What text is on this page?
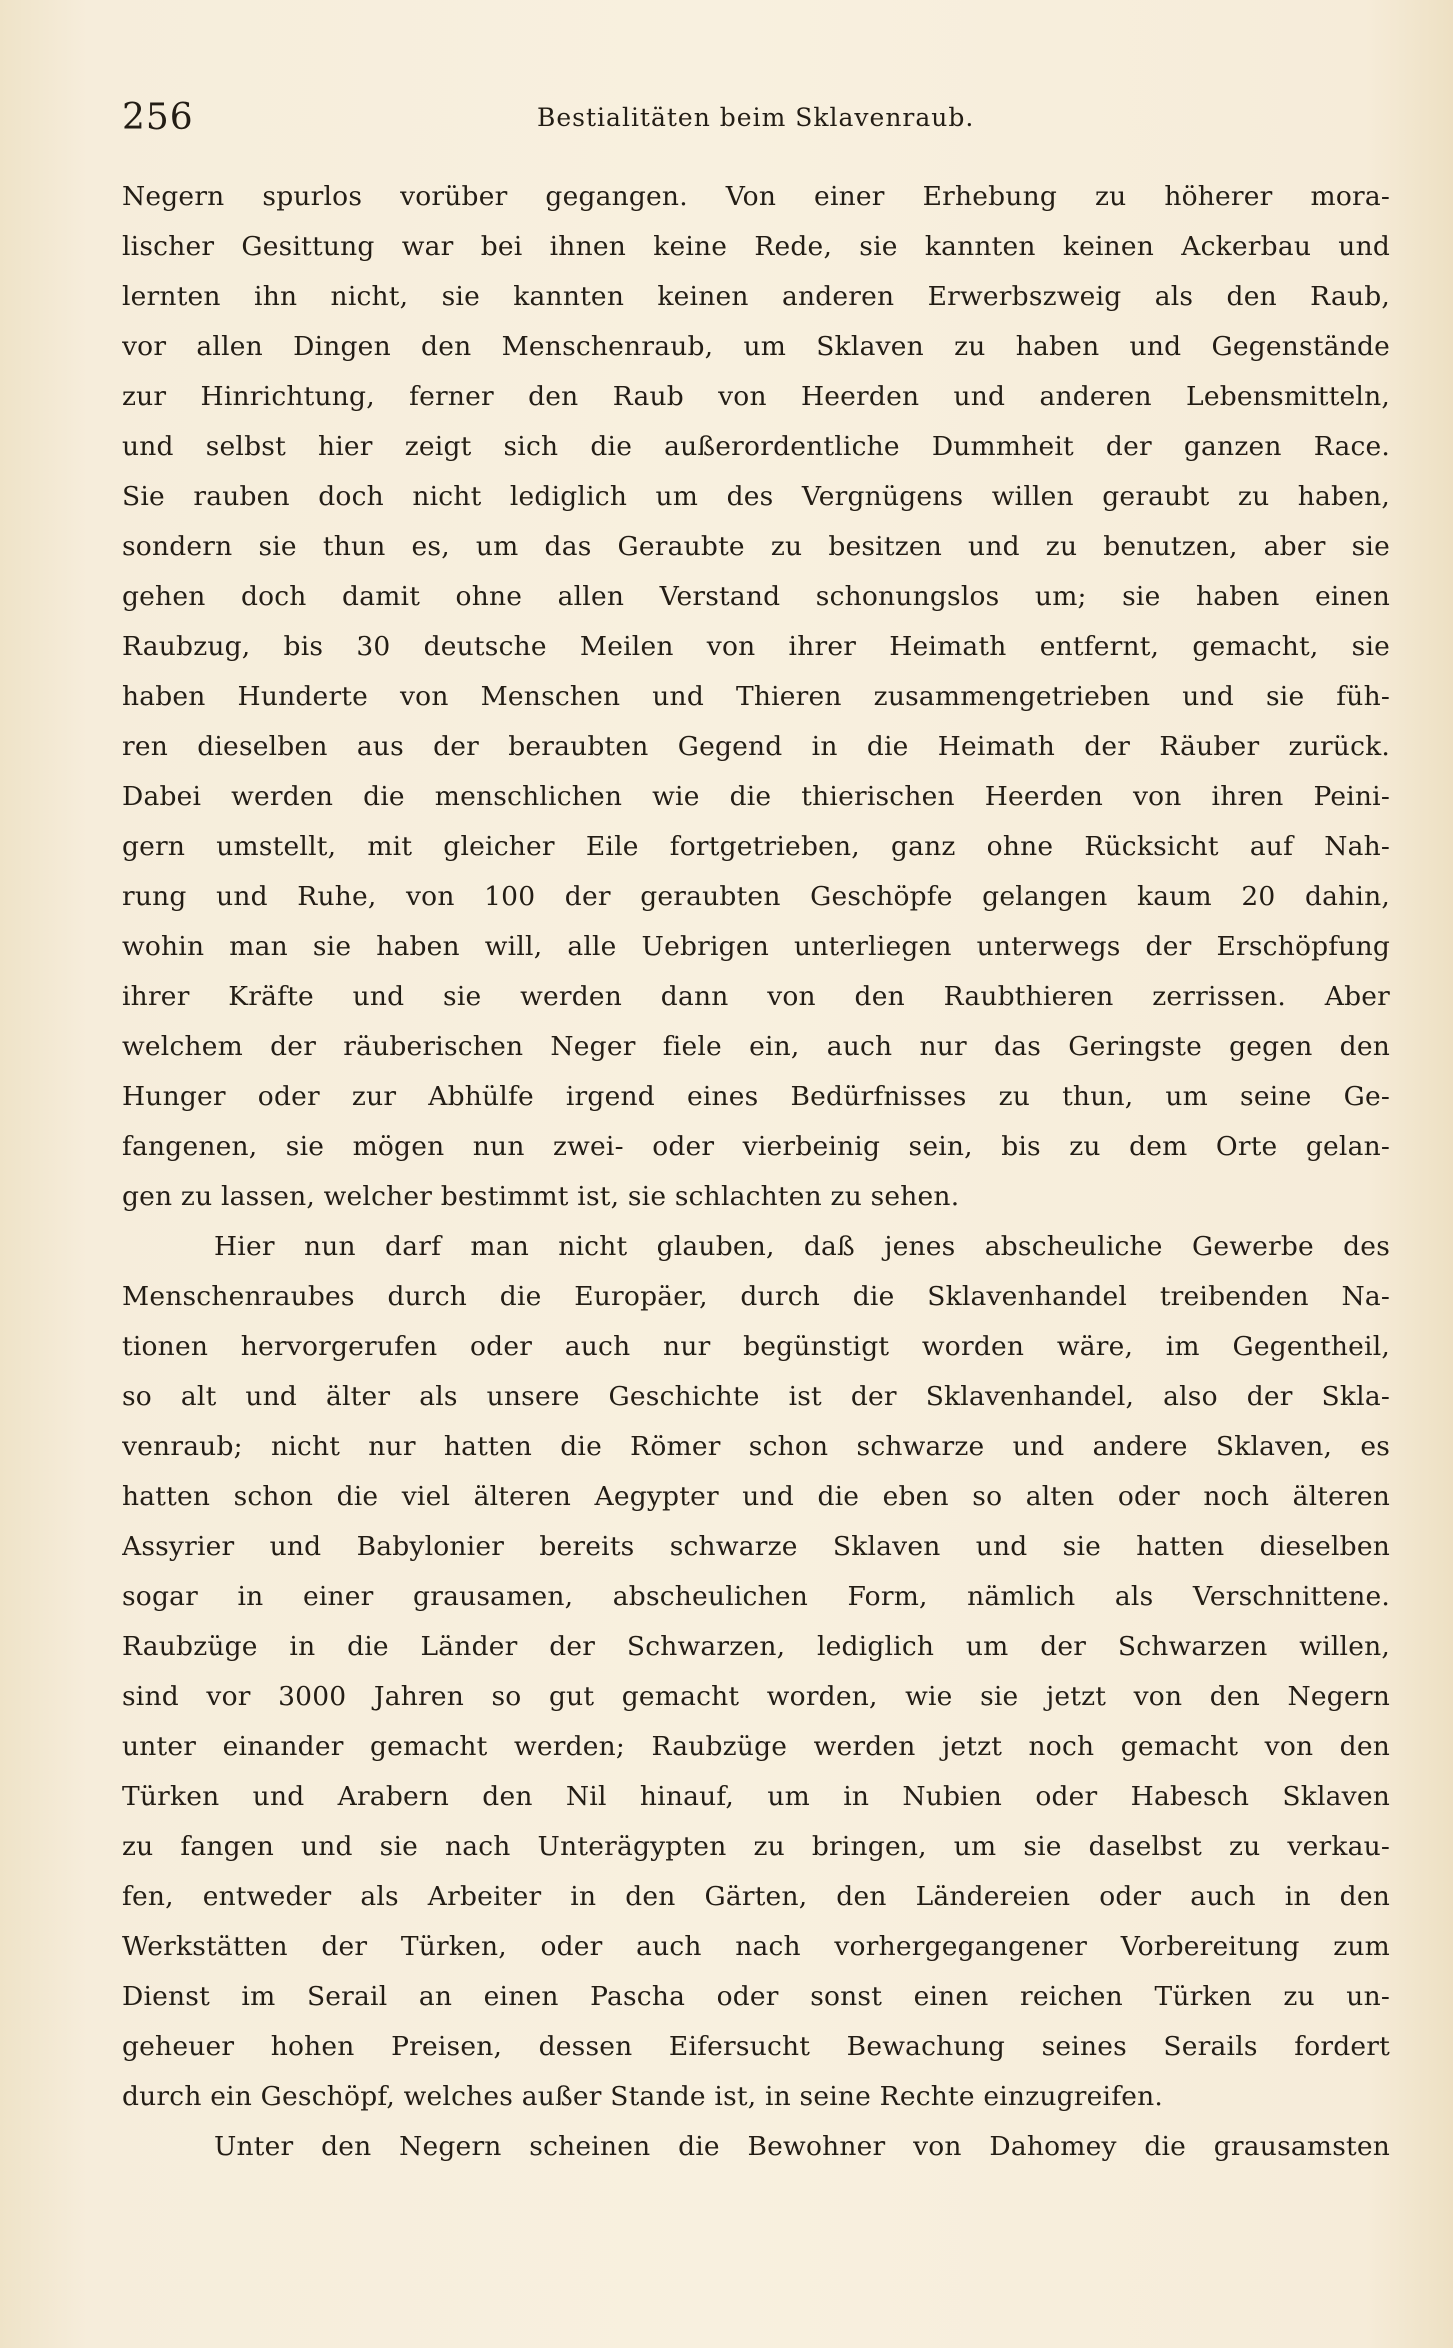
256	Bestialitäten beim Sklavenraub.
Negern spurlos vorüber gegangen. Von einer Erhebung zu höherer mora-
lischer Gesittung war bei ihnen keine Rede, sie kannten keinen Ackerbau und
lernten ihn nicht, sie kannten keinen anderen Erwerbszweig als den Raub,
vor allen Dingen den Menschenraub, um Sklaven zu haben und Gegenstände
zur Hinrichtung, ferner den Raub von Heerden und anderen Lebensmitteln,
und selbst hier zeigt sich die außerordentliche Dummheit der ganzen Race.
Sie rauben doch nicht lediglich um des Vergnügens willen geraubt zu haben,
sondern sie thun es, um das Geraubte zu besitzen und zu benutzen, aber sie
gehen doch damit ohne allen Verstand schonungslos um; sie haben einen
Raubzug, bis 30 deutsche Meilen von ihrer Heimath entfernt, gemacht, sie
haben Hunderte von Menschen und Thieren zusammengetrieben und sie füh-
ren dieselben aus der beraubten Gegend in die Heimath der Räuber zurück.
Dabei werden die menschlichen wie die thierischen Heerden von ihren Peini-
gern umstellt, mit gleicher Eile fortgetrieben, ganz ohne Rücksicht auf Nah-
rung und Ruhe, von 100 der geraubten Geschöpfe gelangen kaum 20 dahin,
wohin man sie haben will, alle Uebrigen unterliegen unterwegs der Erschöpfung
ihrer Kräfte und sie werden dann von den Raubthieren zerrissen. Aber
welchem der räuberischen Neger fiele ein, auch nur das Geringste gegen den
Hunger oder zur Abhülfe irgend eines Bedürfnisses zu thun, um seine Ge-
fangenen, sie mögen nun zwei- oder vierbeinig sein, bis zu dem Orte gelan-
gen zu lassen, welcher bestimmt ist, sie schlachten zu sehen.
Hier nun darf man nicht glauben, daß jenes abscheuliche Gewerbe des
Menschenraubes durch die Europäer, durch die Sklavenhandel treibenden Na-
tionen hervorgerufen oder auch nur begünstigt worden wäre, im Gegentheil,
so alt und älter als unsere Geschichte ist der Sklavenhandel, also der Skla-
venraub; nicht nur hatten die Römer schon schwarze und andere Sklaven, es
hatten schon die viel älteren Aegypter und die eben so alten oder noch älteren
Assyrier und Babylonier bereits schwarze Sklaven und sie hatten dieselben
sogar in einer grausamen, abscheulichen Form, nämlich als Verschnittene.
Raubzüge in die Länder der Schwarzen, lediglich um der Schwarzen willen,
sind vor 3000 Jahren so gut gemacht worden, wie sie jetzt von den Negern
unter einander gemacht werden; Raubzüge werden jetzt noch gemacht von den
Türken und Arabern den Nil hinauf, um in Nubien oder Habesch Sklaven
zu fangen und sie nach Unterägypten zu bringen, um sie daselbst zu verkau-
fen, entweder als Arbeiter in den Gärten, den Ländereien oder auch in den
Werkstätten der Türken, oder auch nach vorhergegangener Vorbereitung zum
Dienst im Serail an einen Pascha oder sonst einen reichen Türken zu un-
geheuer hohen Preisen, dessen Eifersucht Bewachung seines Serails fordert
durch ein Geschöpf, welches außer Stande ist, in seine Rechte einzugreifen.
Unter den Negern scheinen die Bewohner von Dahomey die grausamsten
